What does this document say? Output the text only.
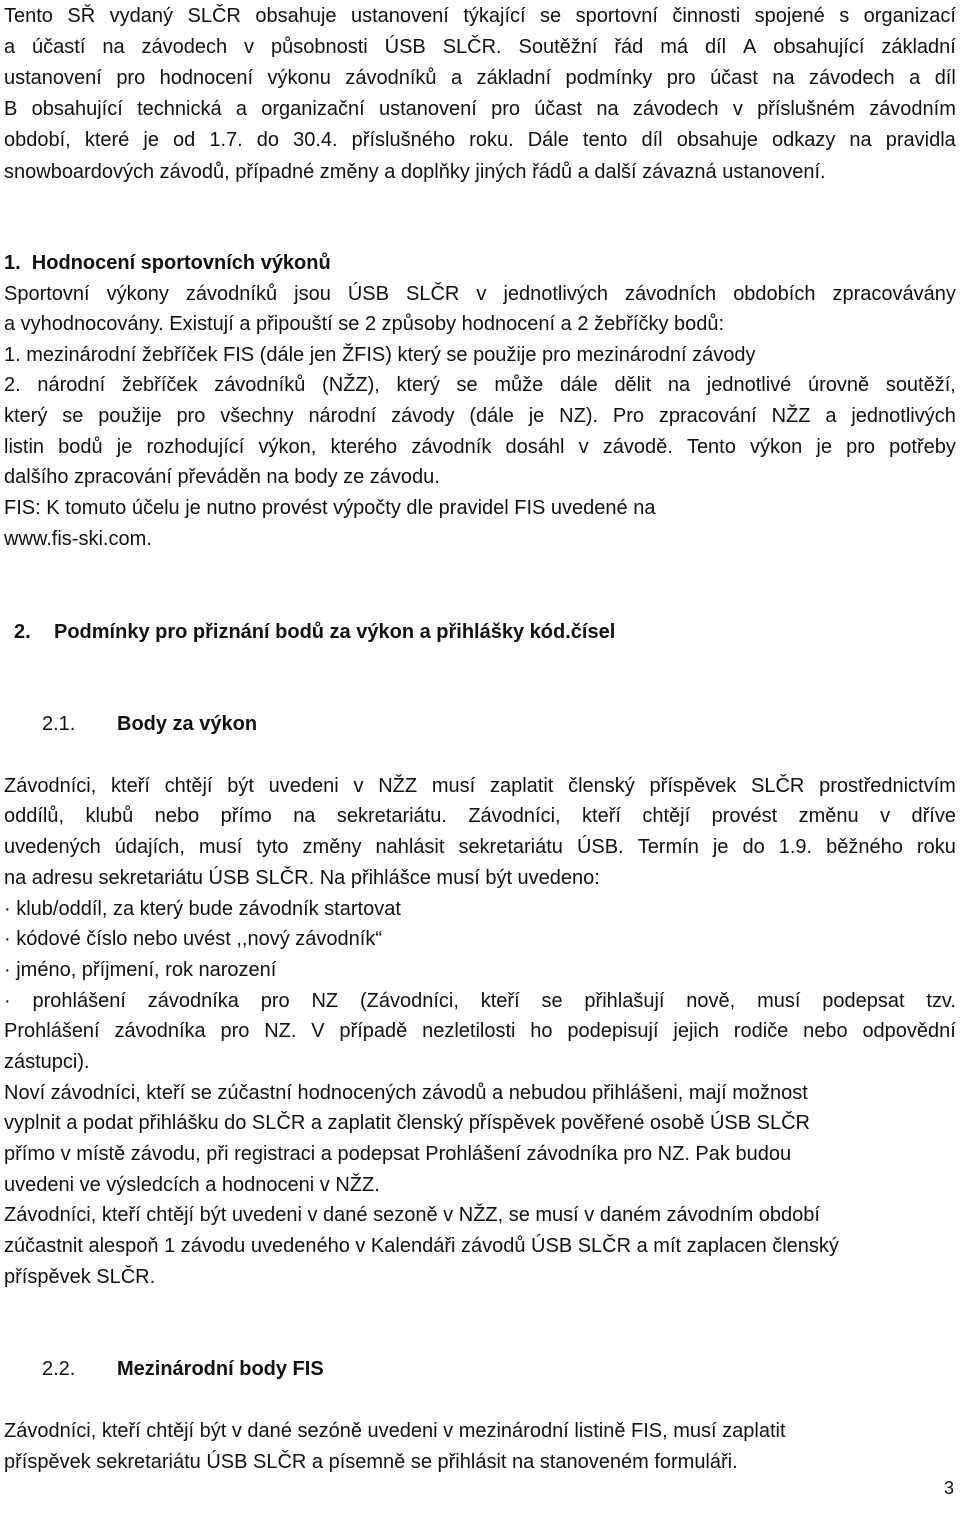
Tento SŘ vydaný SLČR obsahuje ustanovení týkající se sportovní činnosti spojené s organizací
a účastí na závodech v působnosti ÚSB SLČR. Soutěžní řád má díl A obsahující základní
ustanovení pro hodnocení výkonu závodníků a základní podmínky pro účast na závodech a díl
B obsahující technická a organizační ustanovení pro účast na závodech v příslušném závodním
období, které je od 1.7. do 30.4. příslušného roku. Dále tento díl obsahuje odkazy na pravidla
snowboardových závodů, případné změny a doplňky jiných řádů a další závazná ustanovení.
1.  Hodnocení sportovních výkonů
Sportovní výkony závodníků jsou ÚSB SLČR v jednotlivých závodních obdobích zpracovávány
a vyhodnocovány. Existují a připouští se 2 způsoby hodnocení a 2 žebříčky bodů:
1. mezinárodní žebříček FIS (dále jen ŽFIS) který se použije pro mezinárodní závody
2. národní žebříček závodníků (NŽZ), který se může dále dělit na jednotlivé úrovně soutěží,
který se použije pro všechny národní závody (dále je NZ). Pro zpracování NŽZ a jednotlivých
listin bodů je rozhodující výkon, kterého závodník dosáhl v závodě. Tento výkon je pro potřeby
dalšího zpracování převáděn na body ze závodu.
FIS: K tomuto účelu je nutno provést výpočty dle pravidel FIS uvedené na
www.fis-ski.com.
2. Podmínky pro přiznání bodů za výkon a přihlášky kód.čísel
2.1. Body za výkon
Závodníci, kteří chtějí být uvedeni v NŽZ musí zaplatit členský příspěvek SLČR prostřednictvím
oddílů, klubů nebo přímo na sekretariátu. Závodníci, kteří chtějí provést změnu v dříve
uvedených údajích, musí tyto změny nahlásit sekretariátu ÚSB. Termín je do 1.9. běžného roku
na adresu sekretariátu ÚSB SLČR. Na přihlášce musí být uvedeno:
· klub/oddíl, za který bude závodník startovat
· kódové číslo nebo uvést ,,nový závodník“
· jméno, příjmení, rok narození
· prohlášení závodníka pro NZ (Závodníci, kteří se přihlašují nově, musí podepsat tzv.
Prohlášení závodníka pro NZ. V případě nezletilosti ho podepisují jejich rodiče nebo odpovědní
zástupci).
Noví závodníci, kteří se zúčastní hodnocených závodů a nebudou přihlášeni, mají možnost
vyplnit a podat přihlášku do SLČR a zaplatit členský příspěvek pověřené osobě ÚSB SLČR
přímo v místě závodu, při registraci a podepsat Prohlášení závodníka pro NZ. Pak budou
uvedeni ve výsledcích a hodnoceni v NŽZ.
Závodníci, kteří chtějí být uvedeni v dané sezoně v NŽZ, se musí v daném závodním období
zúčastnit alespoň 1 závodu uvedeného v Kalendáři závodů ÚSB SLČR a mít zaplacen členský
příspěvek SLČR.
2.2. Mezinárodní body FIS
Závodníci, kteří chtějí být v dané sezóně uvedeni v mezinárodní listině FIS, musí zaplatit
příspěvek sekretariátu ÚSB SLČR a písemně se přihlásit na stanoveném formuláři.
3
